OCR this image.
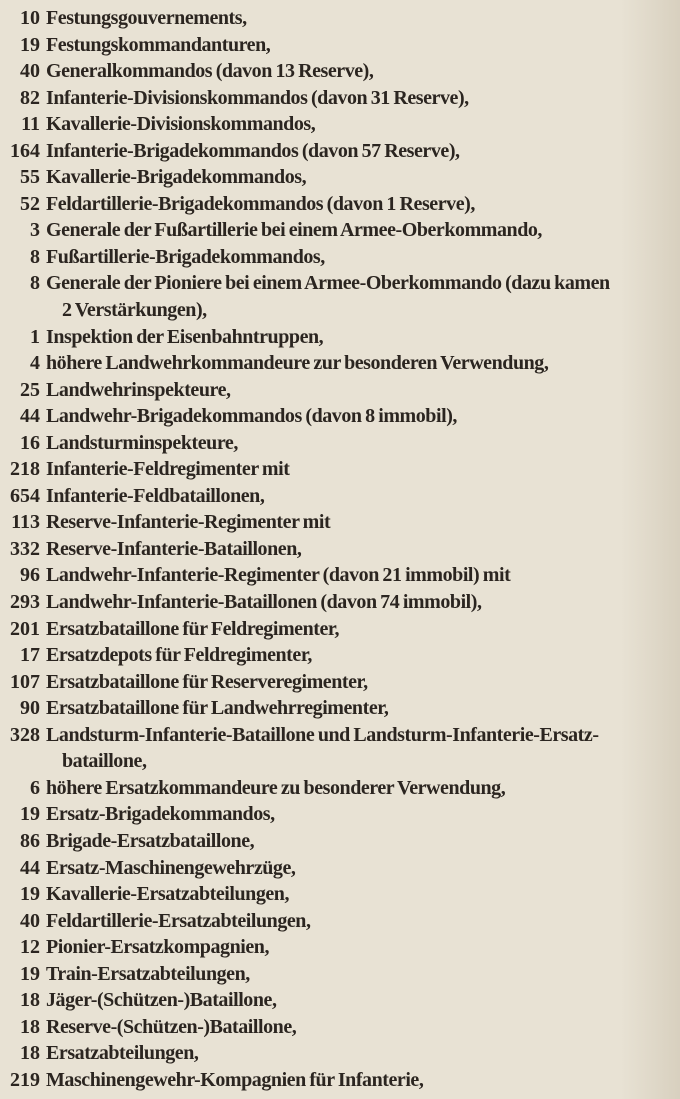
10 Festungsgouvernements,
19 Festungskommandanturen,
40 Generalkommandos (davon 13 Reserve),
82 Infanterie-Divisionskommandos (davon 31 Reserve),
11 Kavallerie-Divisionskommandos,
164 Infanterie-Brigadekommandos (davon 57 Reserve),
55 Kavallerie-Brigadekommandos,
52 Feldartillerie-Brigadekommandos (davon 1 Reserve),
3 Generale der Fußartillerie bei einem Armee-Oberkommando,
8 Fußartillerie-Brigadekommandos,
8 Generale der Pioniere bei einem Armee-Oberkommando (dazu kamen
2 Verstärkungen),
1 Inspektion der Eisenbahntruppen,
4 höhere Landwehrkommandeure zur besonderen Verwendung,
25 Landwehrinspekteure,
44 Landwehr-Brigadekommandos (davon 8 immobil),
16 Landsturminspekteure,
218 Infanterie-Feldregimenter mit
654 Infanterie-Feldbataillonen,
113 Reserve-Infanterie-Regimenter mit
332 Reserve-Infanterie-Bataillonen,
96 Landwehr-Infanterie-Regimenter (davon 21 immobil) mit
293 Landwehr-Infanterie-Bataillonen (davon 74 immobil),
201 Ersatzbataillone für Feldregimenter,
17 Ersatzdepots für Feldregimenter,
107 Ersatzbataillone für Reserveregimenter,
90 Ersatzbataillone für Landwehrregimenter,
328 Landsturm-Infanterie-Bataillone und Landsturm-Infanterie-Ersatz-
bataillone,
6 höhere Ersatzkommandeure zu besonderer Verwendung,
19 Ersatz-Brigadekommandos,
86 Brigade-Ersatzbataillone,
44 Ersatz-Maschinengewehrzüge,
19 Kavallerie-Ersatzabteilungen,
40 Feldartillerie-Ersatzabteilungen,
12 Pionier-Ersatzkompagnien,
19 Train-Ersatzabteilungen,
18 Jäger-(Schützen-)Bataillone,
18 Reserve-(Schützen-)Bataillone,
18 Ersatzabteilungen,
219 Maschinengewehr-Kompagnien für Infanterie,
